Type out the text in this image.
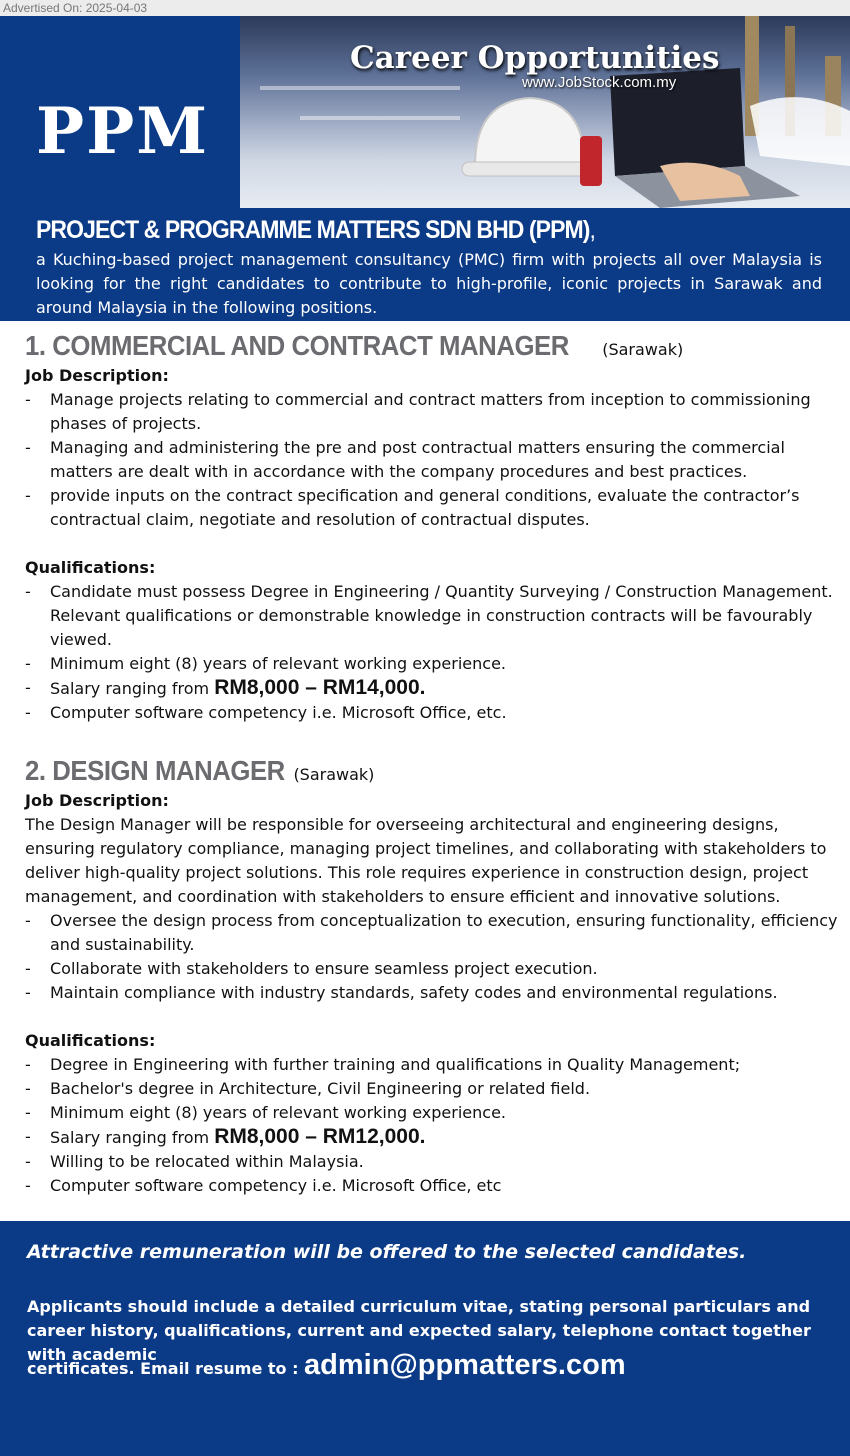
Advertised On: 2025-04-03
PPM
Career Opportunities
www.JobStock.com.my
PROJECT & PROGRAMME MATTERS SDN BHD (PPM),
a Kuching-based project management consultancy (PMC) firm with projects all over Malaysia is looking for the right candidates to contribute to high-profile, iconic projects in Sarawak and around Malaysia in the following positions.
1. COMMERCIAL AND CONTRACT MANAGER (Sarawak)
Job Description:
- Manage projects relating to commercial and contract matters from inception to commissioning phases of projects.
- Managing and administering the pre and post contractual matters ensuring the commercial matters are dealt with in accordance with the company procedures and best practices.
- provide inputs on the contract specification and general conditions, evaluate the contractor’s contractual claim, negotiate and resolution of contractual disputes.
Qualifications:
- Candidate must possess Degree in Engineering / Quantity Surveying / Construction Management. Relevant qualifications or demonstrable knowledge in construction contracts will be favourably viewed.
- Minimum eight (8) years of relevant working experience.
- Salary ranging from RM8,000 – RM14,000.
- Computer software competency i.e. Microsoft Office, etc.
2. DESIGN MANAGER (Sarawak)
Job Description:
The Design Manager will be responsible for overseeing architectural and engineering designs, ensuring regulatory compliance, managing project timelines, and collaborating with stakeholders to deliver high-quality project solutions. This role requires experience in construction design, project management, and coordination with stakeholders to ensure efficient and innovative solutions.
- Oversee the design process from conceptualization to execution, ensuring functionality, efficiency and sustainability.
- Collaborate with stakeholders to ensure seamless project execution.
- Maintain compliance with industry standards, safety codes and environmental regulations.
Qualifications:
- Degree in Engineering with further training and qualifications in Quality Management;
- Bachelor's degree in Architecture, Civil Engineering or related field.
- Minimum eight (8) years of relevant working experience.
- Salary ranging from RM8,000 – RM12,000.
- Willing to be relocated within Malaysia.
- Computer software competency i.e. Microsoft Office, etc
Attractive remuneration will be offered to the selected candidates.
Applicants should include a detailed curriculum vitae, stating personal particulars and career history, qualifications, current and expected salary, telephone contact together with academic
certificates. Email resume to : admin@ppmatters.com
